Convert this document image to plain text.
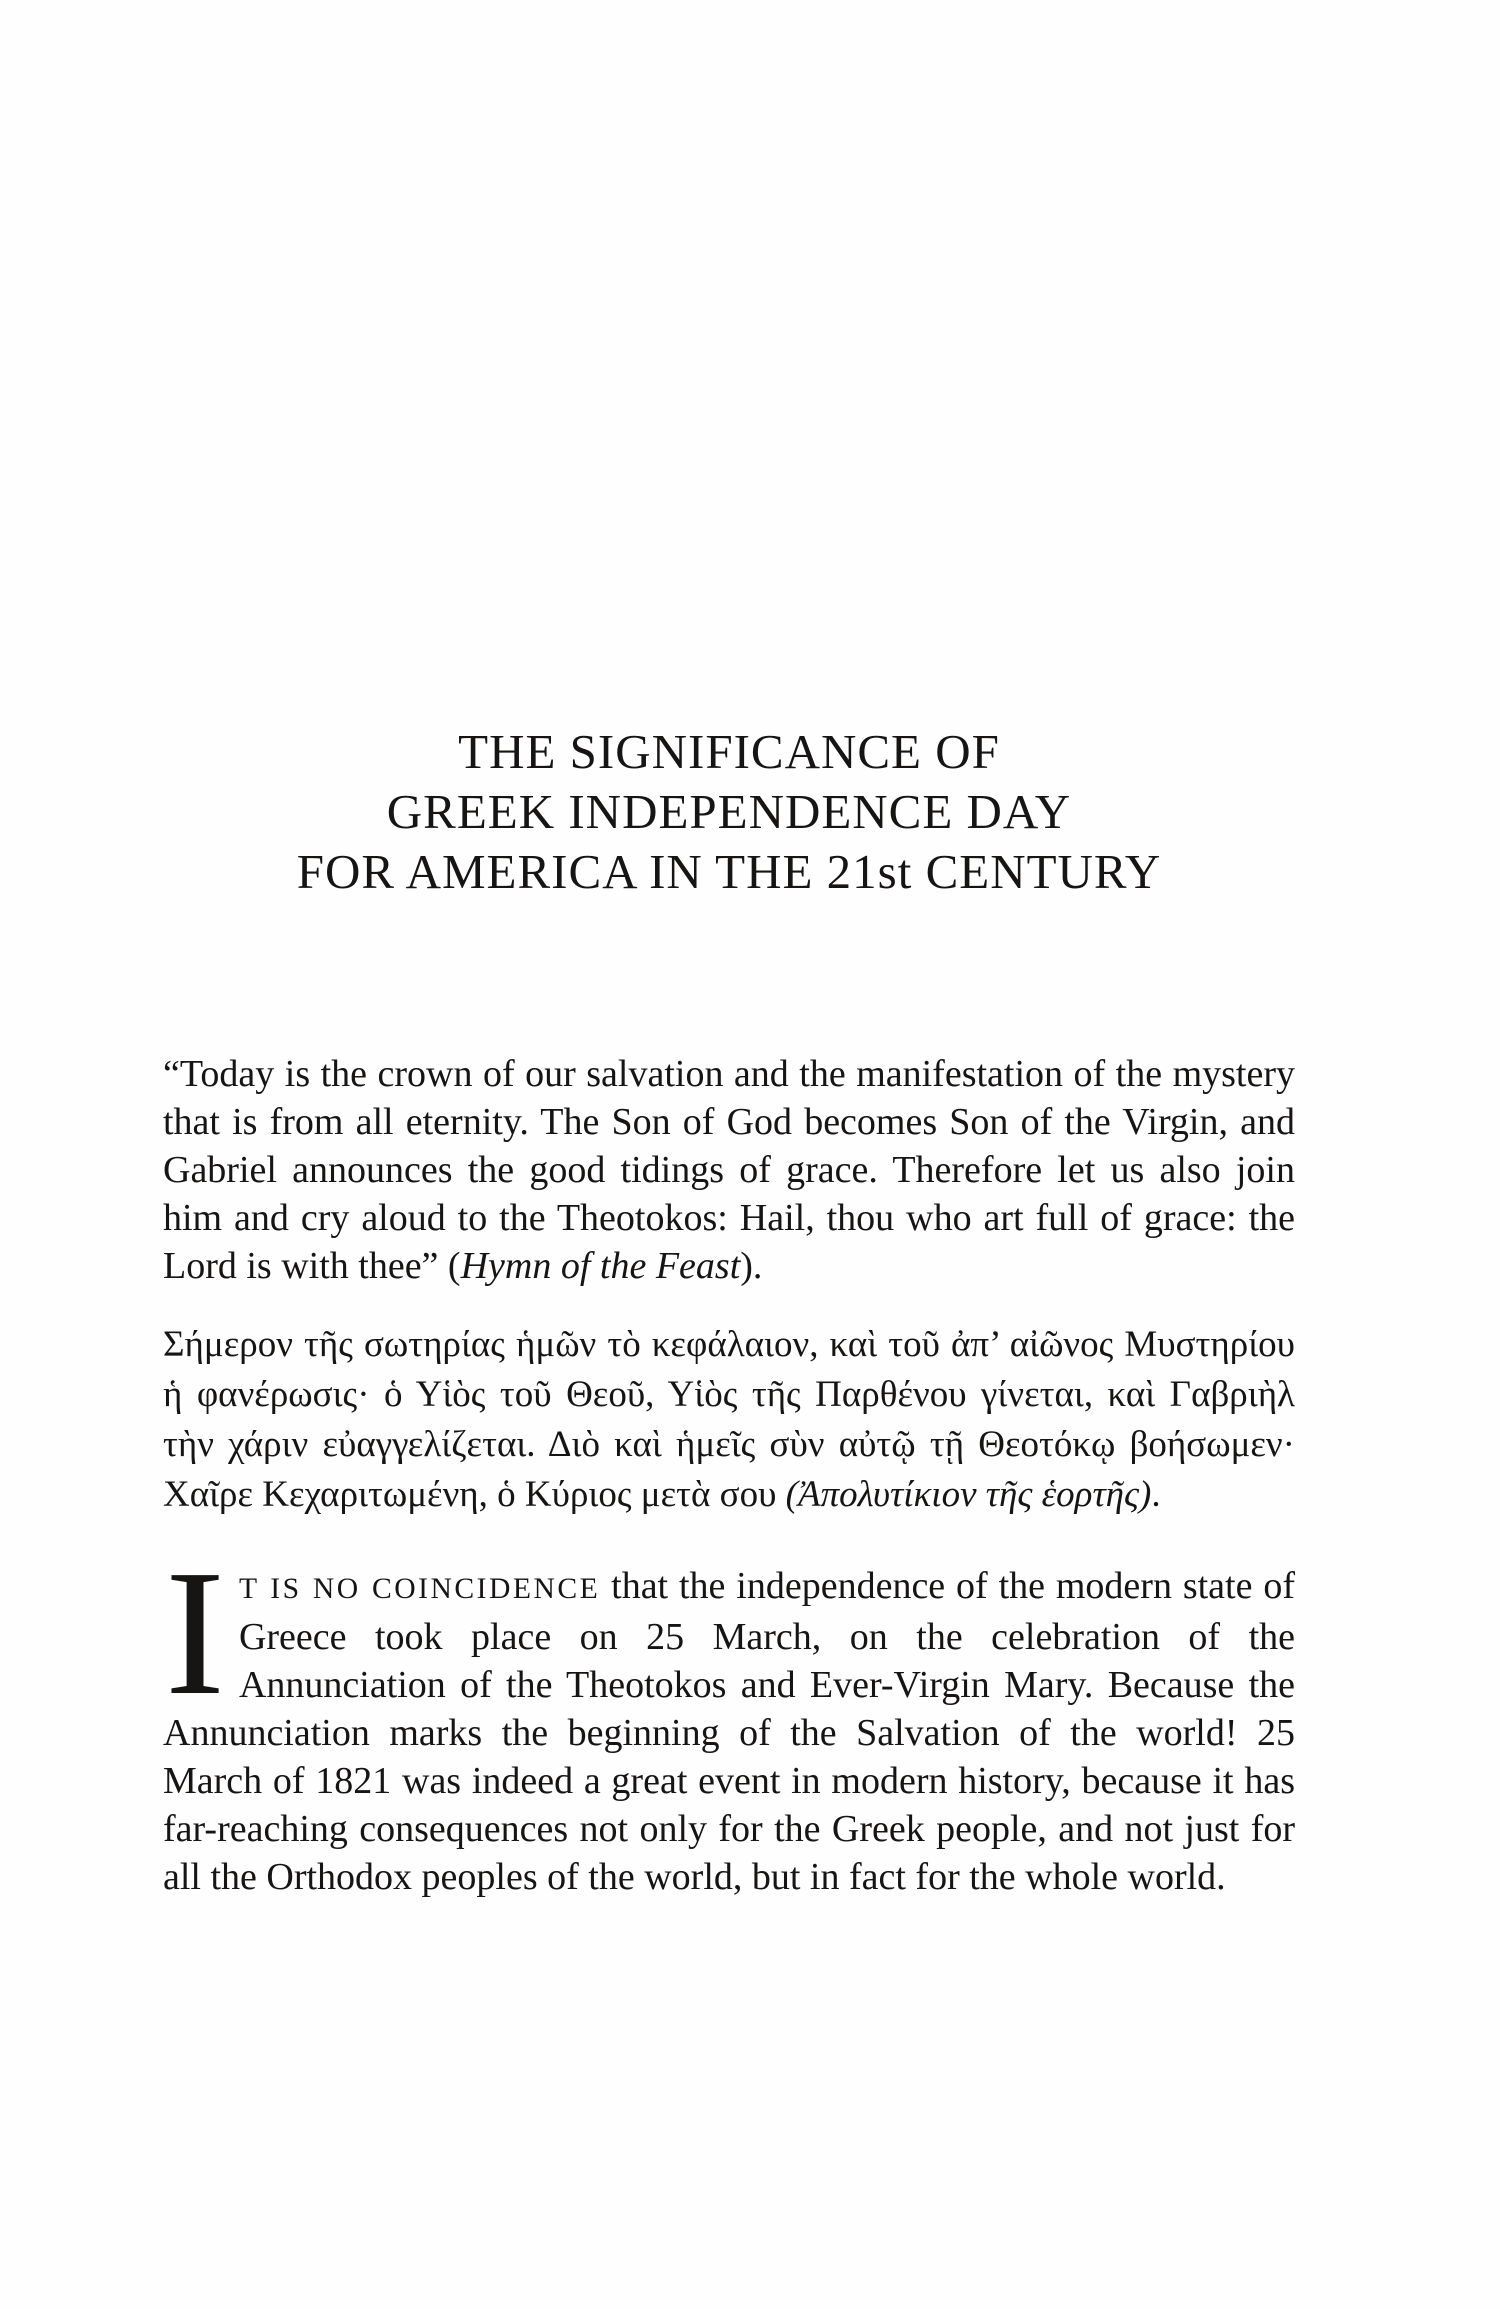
THE SIGNIFICANCE OF
GREEK INDEPENDENCE DAY
FOR AMERICA IN THE 21st CENTURY

“Today is the crown of our salvation and the manifestation of the mystery that is from all eternity. The Son of God becomes Son of the Virgin, and Gabriel announces the good tidings of grace. Therefore let us also join him and cry aloud to the Theotokos: Hail, thou who art full of grace: the Lord is with thee” (Hymn of the Feast).

Σήμερον τῆς σωτηρίας ἡμῶν τὸ κεφάλαιον, καὶ τοῦ ἀπ’ αἰῶνος Μυστηρίου ἡ φανέρωσις· ὁ Υἱὸς τοῦ Θεοῦ, Υἱὸς τῆς Παρθένου γίνεται, καὶ Γαβριὴλ τὴν χάριν εὐαγγελίζεται. Διὸ καὶ ἡμεῖς σὺν αὐτῷ τῇ Θεοτόκῳ βοήσωμεν· Χαῖρε Κεχαριτωμένη, ὁ Κύριος μετὰ σου (Ἀπολυτίκιον τῆς ἑορτῆς).

I T IS NO COINCIDENCE that the independence of the modern state of Greece took place on 25 March, on the celebration of the Annunciation of the Theotokos and Ever-Virgin Mary. Because the Annunciation marks the beginning of the Salvation of the world! 25 March of 1821 was indeed a great event in modern history, because it has far-reaching consequences not only for the Greek people, and not just for all the Orthodox peoples of the world, but in fact for the whole world.
